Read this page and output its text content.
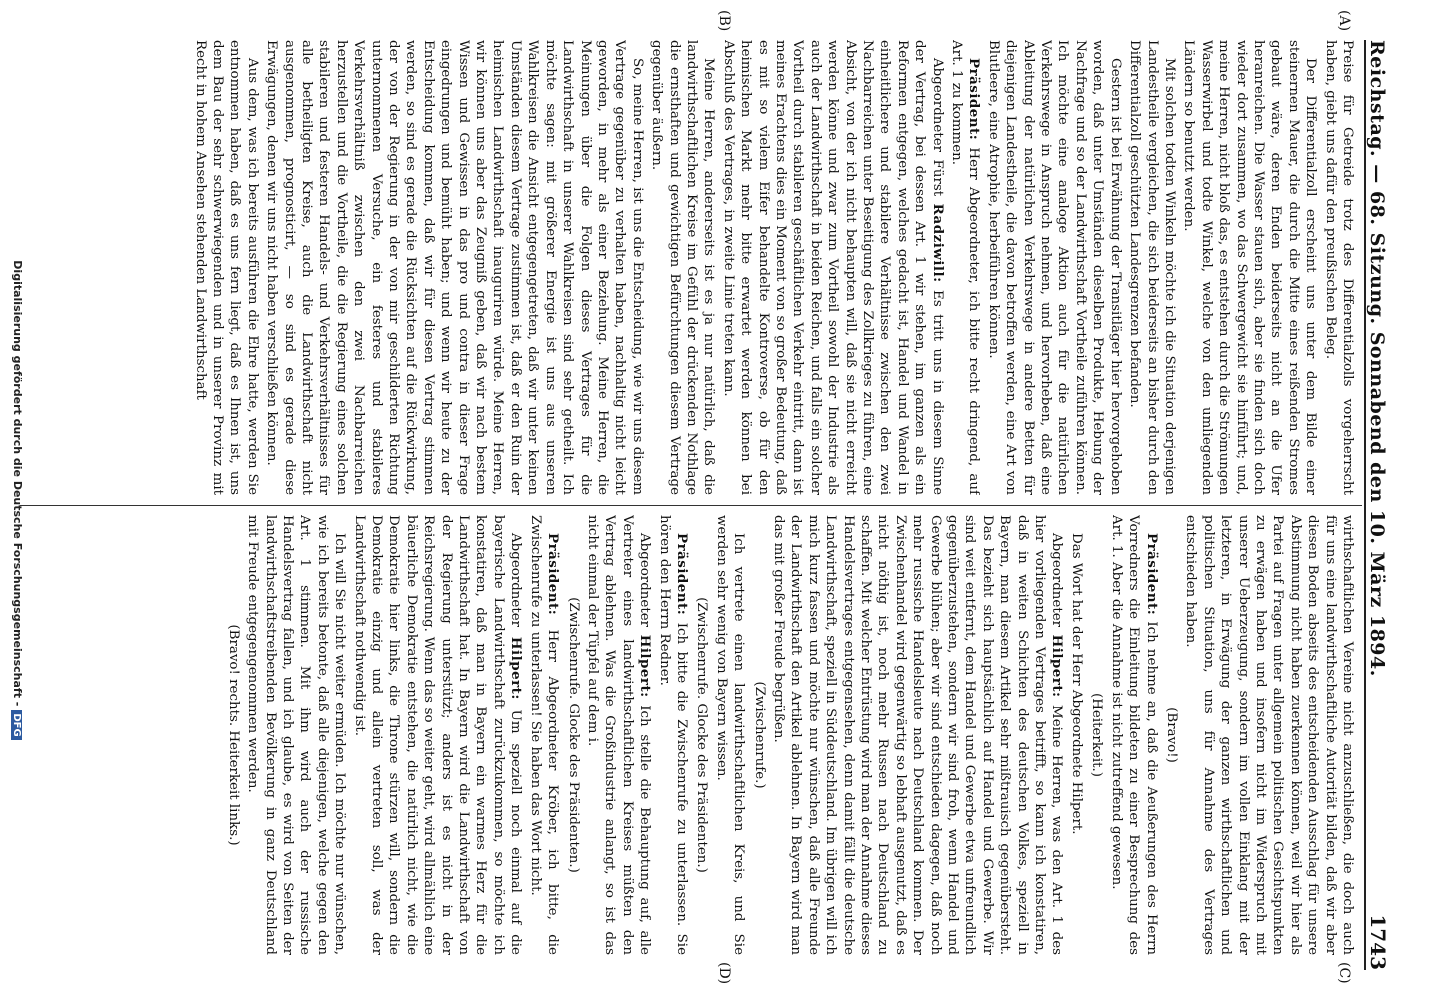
Reichstag. — 68. Sitzung. Sonnabend den 10. März 1894.
1743
(A)
(B)
(C)
(D)

Preise für Getreide trotz des Differentialzolls vorgeherrscht haben, giebt uns dafür den preußischen Beleg.

Der Differentialzoll erscheint uns unter dem Bilde einer steinernen Mauer, die durch die Mitte eines reißenden Stromes gebaut wäre, deren Enden beiderseits nicht an die Ufer heranreichen. Die Wasser stauen sich, aber sie finden sich doch wieder dort zusammen, wo das Schwergewicht sie hinführt; und, meine Herren, nicht bloß das, es entstehen durch die Strömungen Wasserwirbel und todte Winkel, welche von den umliegenden Ländern so benutzt werden.

Mit solchen todten Winkeln möchte ich die Situation derjenigen Landestheile vergleichen, die sich beiderseits an bisher durch den Differentialzoll geschützten Landesgrenzen befanden.

Gestern ist bei Erwähnung der Transitläger hier hervorgehoben worden, daß unter Umständen dieselben Produkte, Hebung der Nachfrage und so der Landwirthschaft Vortheile zuführen können. Ich möchte eine analoge Aktion auch für die natürlichen Verkehrswege in Anspruch nehmen, und hervorheben, daß eine Ableitung der natürlichen Verkehrswege in andere Betten für diejenigen Landestheile, die davon betroffen werden, eine Art von Blutleere, eine Atrophie, herbeiführen können.

Präsident: Herr Abgeordneter, ich bitte recht dringend, auf Art. 1 zu kommen.

Abgeordneter Fürst Radziwill: Es tritt uns in diesem Sinne der Vertrag, bei dessen Art. 1 wir stehen, im ganzen als ein Reformen entgegen, welches gedacht ist, Handel und Wandel in einheitlichere und stabilere Verhältnisse zwischen den zwei Nachbarreichen unter Beseitigung des Zollkrieges zu führen, eine Absicht, von der ich nicht behaupten will, daß sie nicht erreicht werden könne und zwar zum Vortheil sowohl der Industrie als auch der Landwirthschaft in beiden Reichen, und falls ein solcher Vortheil durch stabileren geschäftlichen Verkehr eintritt, dann ist meines Erachtens dies ein Moment von so großer Bedeutung, daß es mit so vielem Eifer behandelte Kontroverse, ob für den heimischen Markt mehr bitte erwartet werden können bei Abschluß des Vertrages, in zweite Linie treten kann.

Meine Herren, andererseits ist es ja nur natürlich, daß die landwirthschaftlichen Kreise im Gefühl der drückenden Nothlage die ernsthaften und gewichtigen Befürchtungen diesem Vertrage gegenüber äußern.

So, meine Herren, ist uns die Entscheidung, wie wir uns diesem Vertrage gegenüber zu verhalten haben, nachhaltig nicht leicht geworden, in mehr als einer Beziehung. Meine Herren, die Meinungen über die Folgen dieses Vertrages für die Landwirthschaft in unserer Wahlkreisen sind sehr getheilt. Ich möchte sagen: mit größerer Energie ist uns aus unseren Wahlkreisen die Ansicht entgegengetreten, daß wir unter keinen Umständen diesem Vertrage zustimmen ist, daß er den Ruin der heimischen Landwirthschaft inauguriren würde. Meine Herren, wir können uns aber das Zeugniß geben, daß wir nach bestem Wissen und Gewissen in das pro und contra in dieser Frage eingedrungen und bemüht haben; und wenn wir heute zu der Entscheidung kommen, daß wir für diesen Vertrag stimmen werden, so sind es gerade die Rücksichten auf die Rückwirkung, der von der Regierung in der von mir geschilderten Richtung unternommenen Versuche, ein festeres und stabileres Verkehrsverhältniß zwischen den zwei Nachbarreichen herzustellen und die Vortheile, die die Regierung eines solchen stabileren und festeren Handels- und Verkehrsverhältnisses für alle betheiligten Kreise, auch die Landwirthschaft nicht ausgenommen, prognosticirt, — so sind es gerade diese Erwägungen, denen wir uns nicht haben verschließen können.

Aus dem, was ich bereits ausführen die Ehre hatte, werden Sie entnommen haben, daß es uns fern liegt, daß es Ihnen ist, uns dem Bau der sehr schwerwiegenden und in unserer Provinz mit Recht in hohem Ansehen stehenden Landwirthschaft

wirthschaftlichen Vereine nicht anzuschließen, die doch auch für uns eine landwirthschaftliche Autorität bilden, daß wir aber diesen Boden abseits des entscheidenden Ausschlag für unsere Abstimmung nicht haben zuerkennen können, weil wir hier als Partei auf Fragen unter allgemein politischen Gesichtspunkten zu erwägen haben und insofern nicht im Widerspruch mit unserer Ueberzeugung, sondern im vollen Einklang mit der letzteren, in Erwägung der ganzen wirthschaftlichen und politischen Situation, uns für Annahme des Vertrages entschieden haben.

(Bravo!)

Präsident: Ich nehme an, daß die Aeußerungen des Herrn Vorredners die Einleitung bildeten zu einer Besprechung des Art. 1. Aber die Annahme ist nicht zutreffend gewesen.

(Heiterkeit.)

Das Wort hat der Herr Abgeordnete Hilpert.

Abgeordneter Hilpert: Meine Herren, was den Art. 1 des hier vorliegenden Vertrages betrifft, so kann ich konstatiren, daß in weiten Schichten des deutschen Volkes, speziell in Bayern, man diesem Artikel sehr mißtrauisch gegenübersteht. Das bezieht sich hauptsächlich auf Handel und Gewerbe. Wir sind weit entfernt, dem Handel und Gewerbe etwa unfreundlich gegenüberzustehen, sondern wir sind froh, wenn Handel und Gewerbe blühen; aber wir sind entschieden dagegen, daß noch mehr russische Handelsleute nach Deutschland kommen. Der Zwischenhandel wird gegenwärtig so lebhaft ausgenutzt, daß es nicht nöthig ist, noch mehr Russen nach Deutschland zu schaffen. Mit welcher Entrüstung wird man der Annahme dieses Handelsvertrages entgegensehen, denn damit fällt die deutsche Landwirthschaft, speziell in Süddeutschland. Im übrigen will ich mich kurz fassen und möchte nur wünschen, daß alle Freunde der Landwirthschaft den Artikel ablehnen. In Bayern wird man das mit großer Freude begrüßen.

(Zwischenrufe.)

Ich vertrete einen landwirthschaftlichen Kreis, und Sie werden sehr wenig von Bayern wissen.

(Zwischenrufe. Glocke des Präsidenten.)

Präsident: Ich bitte die Zwischenrufe zu unterlassen. Sie hören den Herrn Redner.

Abgeordneter Hilpert: Ich stelle die Behauptung auf, alle Vertreter eines landwirthschaftlichen Kreises müßten den Vertrag ablehnen. Was die Großindustrie anlangt, so ist das nicht einmal der Tüpfel auf dem i.

(Zwischenrufe. Glocke des Präsidenten.)

Präsident: Herr Abgeordneter Kröber, ich bitte, die Zwischenrufe zu unterlassen! Sie haben das Wort nicht.

Abgeordneter Hilpert: Um speziell noch einmal auf die bayerische Landwirthschaft zurückzukommen, so möchte ich konstatiren, daß man in Bayern ein warmes Herz für die Landwirthschaft hat. In Bayern wird die Landwirthschaft von der Regierung unterstützt; anders ist es nicht in der Reichsregierung. Wenn das so weiter geht, wird allmählich eine bäuerliche Demokratie entstehen, die natürlich nicht, wie die Demokratie hier links, die Throne stürzen will, sondern die Demokratie einzig und allein vertreten soll, was der Landwirthschaft nothwendig ist.

Ich will Sie nicht weiter ermüden. Ich möchte nur wünschen, wie ich bereits betonte, daß alle diejenigen, welche gegen den Art. 1 stimmen. Mit ihm wird auch der russische Handelsvertrag fallen, und ich glaube, es wird von Seiten der landwirthschaftstreibenden Bevölkerung in ganz Deutschland mit Freude entgegengenommen werden.

(Bravo! rechts. Heiterkeit links.)

Digitalisierung gefördert durch die Deutsche Forschungsgemeinschaft -DFG
